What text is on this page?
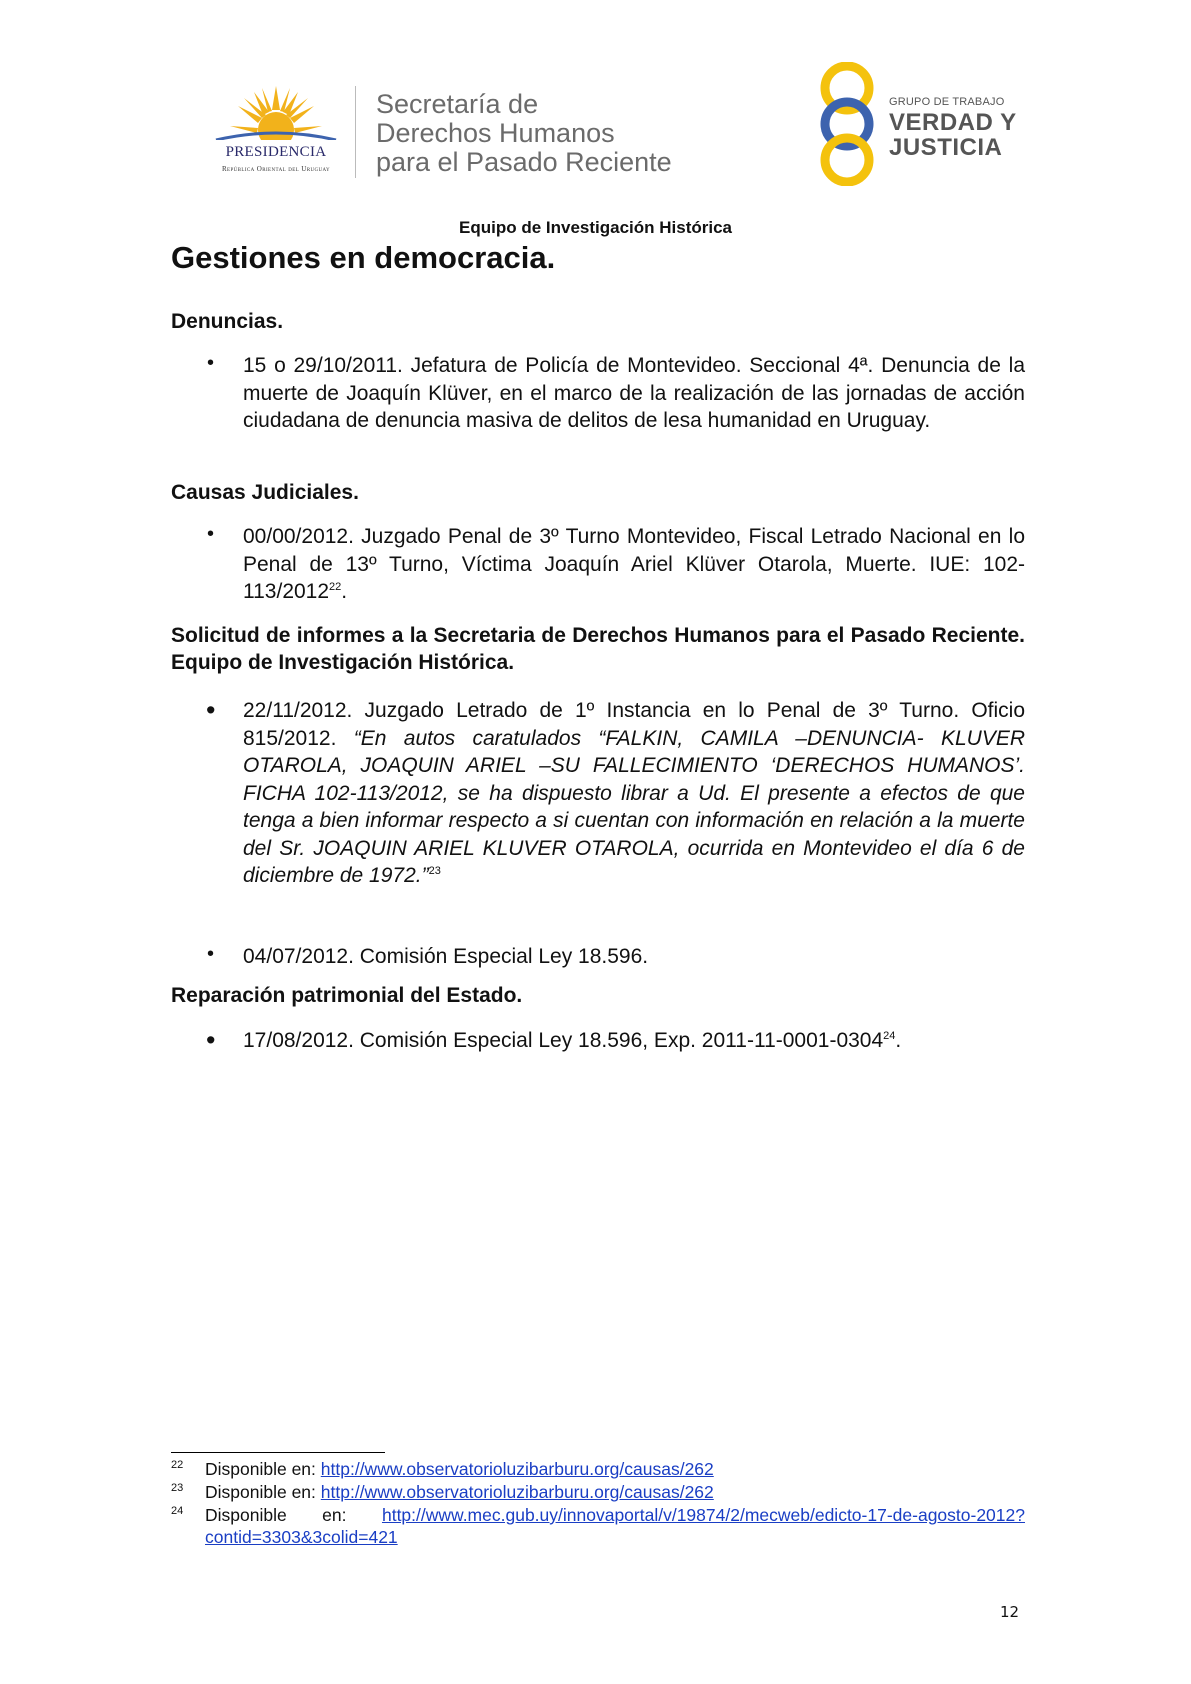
PRESIDENCIA
República Oriental del Uruguay
Secretaría de
Derechos Humanos
para el Pasado Reciente
GRUPO DE TRABAJO
VERDAD Y
JUSTICIA
Equipo de Investigación Histórica
Gestiones en democracia.
Denuncias.
• 15 o 29/10/2011. Jefatura de Policía de Montevideo. Seccional 4ª. Denuncia de la muerte de Joaquín Klüver, en el marco de la realización de las jornadas de acción ciudadana de denuncia masiva de delitos de lesa humanidad en Uruguay.
Causas Judiciales.
• 00/00/2012. Juzgado Penal de 3º Turno Montevideo, Fiscal Letrado Nacional en lo Penal de 13º Turno, Víctima Joaquín Ariel Klüver Otarola, Muerte. IUE: 102-113/2012$^{22}$.
Solicitud de informes a la Secretaria de Derechos Humanos para el Pasado Reciente. Equipo de Investigación Histórica.
• 22/11/2012. Juzgado Letrado de 1º Instancia en lo Penal de 3º Turno. Oficio 815/2012. “En autos caratulados “FALKIN, CAMILA –DENUNCIA- KLUVER OTAROLA, JOAQUIN ARIEL –SU FALLECIMIENTO ‘DERECHOS HUMANOS’. FICHA 102-113/2012, se ha dispuesto librar a Ud. El presente a efectos de que tenga a bien informar respecto a si cuentan con información en relación a la muerte del Sr. JOAQUIN ARIEL KLUVER OTAROLA, ocurrida en Montevideo el día 6 de diciembre de 1972.”$^{23}$
• 04/07/2012. Comisión Especial Ley 18.596.
Reparación patrimonial del Estado.
• 17/08/2012. Comisión Especial Ley 18.596, Exp. 2011-11-0001-0304$^{24}$.
22 Disponible en: http://www.observatorioluzibarburu.org/causas/262
23 Disponible en: http://www.observatorioluzibarburu.org/causas/262
24 Disponible en: http://www.mec.gub.uy/innovaportal/v/19874/2/mecweb/edicto-17-de-agosto-2012?contid=3303&3colid=421
12
